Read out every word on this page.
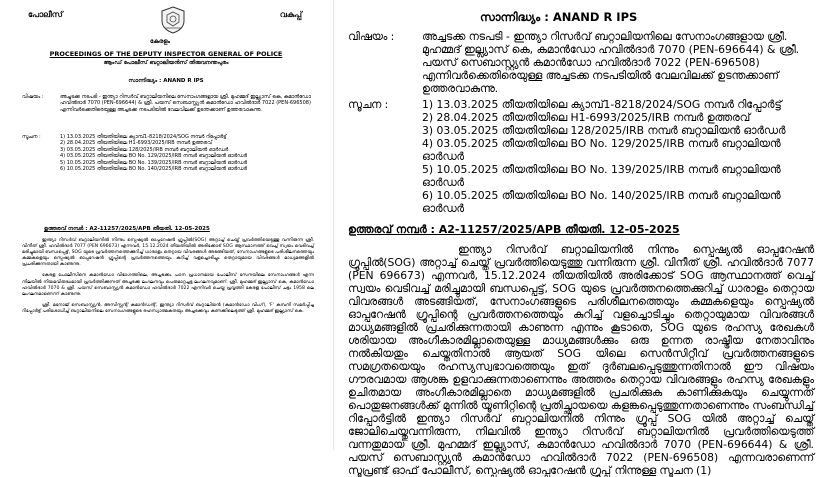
പോലീസ്	വകുപ്പ്
കേരളം
PROCEEDINGS OF THE DEPUTY INSPECTOR GENERAL OF POLICE
ആംഡ് പോലീസ് ബറ്റാലിയൻസ് തിരുവനന്തപുരം
സാന്നിദ്ധ്യം : ANAND R IPS
വിഷയം :	അച്ചടക്ക നടപടി - ഇന്ത്യാ റിസർവ് ബറ്റാലിയനിലെ സേനാംഗങ്ങളായ ശ്രീ. മുഹമ്മദ് ഇല്ല്യാസ് കെ, കമാൻഡോ ഹവിൽദാർ 7070 (PEN-696644) & ശ്രീ. പയസ് സെബാസ്റ്റ്യൻ കമാൻഡോ ഹവിൽദാർ 7022 (PEN-696508) എന്നിവർക്കെതിരെയുള്ള അച്ചടക്ക നടപടിയിൽ വേലവിലക്ക് ഉടന്തക്കാണ് ഉത്തരവാകുന്നു.
സൂചന :	1) 13.03.2025 തീയതിയിലെ ക്യാമ്പ്1-8218/2024/SOG നമ്പർ റിപ്പോർട്ട്
2) 28.04.2025 തീയതിയിലെ H1-6993/2025/IRB നമ്പർ ഉത്തരവ്
3) 03.05.2025 തീയതിയിലെ 128/2025/IRB നമ്പർ ബറ്റാലിയൻ ഓർഡർ
4) 03.05.2025 തീയതിയിലെ BO No. 129/2025/IRB നമ്പർ ബറ്റാലിയൻ ഓർഡർ
5) 10.05.2025 തീയതിയിലെ BO No. 139/2025/IRB നമ്പർ ബറ്റാലിയൻ ഓർഡർ
6) 10.05.2025 തീയതിയിലെ BO No. 140/2025/IRB നമ്പർ ബറ്റാലിയൻ ഓർഡർ
ഉത്തരവ് നമ്പർ : A2-11257/2025/APB തീയതി. 12-05-2025

ഇന്ത്യാ റിസർവ് ബറ്റാലിയനിൽ നിന്നും സ്പെഷ്യൽ ഓപ്പറേഷൻ ഗ്രൂപ്പിൽ(SOG) അറ്റാച്ച് ചെയ്ത് പ്രവർത്തിയെടുത്തു വന്നിരുന്ന ശ്രീ. വിനീത് ശ്രീ. ഹവിൽദാർ 7077 (PEN 696673) എന്നവർ, 15.12.2024 തീയതിയിൽ അരിക്കോട് SOG ആസ്ഥാനത്ത് വെച്ച് സ്വയം വെടിവച്ച് മരിച്ചുമായി ബന്ധപ്പെട്ട്, SOG യുടെ പ്രവർത്തനത്തെക്കുറിച്ച് ധാരാളം തെറ്റായ വിവരങ്ങൾ അടങ്ങിയത്, സേനാംഗങ്ങളുടെ പരിശീലനത്തെയും കമ്മകളെയും സ്പെഷ്യൽ ഓപ്പറേഷൻ ഗ്രൂപ്പിന്റെ പ്രവർത്തനത്തെയും കുറിച്ച് വളച്ചൊടിച്ചും തെറ്റായുമായ വിവരങ്ങൾ മാധ്യമങ്ങളിൽ പ്രചരിക്കുന്നതായി കാണുന്നു.

കേരള പോലീസിനെ കമാൻഡോ വിഭാഗത്തിലെ, അച്ചടക്കം പഠന പ്രധാനമായ പോലീസ് സേനയിലെ സേനാംഗങ്ങൾ എന്ന നിലയിൽ നിയമവിരുദ്ധമായി പ്രവർത്തിക്കുന്നത് അച്ചടക്ക ലംഘനവും പെരുമാറ്റച്ചട്ട ലംഘനവുമാണ്. ശ്രീ. മുഹമ്മദ് ഇല്ല്യാസ് കെ, കമാൻഡോ ഹവിൽദാർ 7070 & ശ്രീ. പയസ് സെബാസ്റ്റ്യൻ കമാൻഡോ ഹവിൽദാർ 7022 എന്നിവർ ചെയ്ത പ്രവൃത്തി കേരള പോലീസ് ചട്ടം 1958 ലെ ലംഘനമാണെന്ന് കാണുന്നു.

ശ്രീ. മനോജ് സെബാസ്റ്റ്യൻ, അസിസ്റ്റന്റ് കമാൻഡന്റ്, ഇന്ത്യാ റിസർവ് ബറ്റാലിയൻ (കമാൻഡോ വിംഗ്), 'F' കമ്പനി സമർപ്പിച്ച റിപ്പോർട്ട് പരിശോധിച്ച് ബറ്റാലിയനിലെ സേനാംഗങ്ങളുടെ രഹസ്യാത്മകതയും അച്ചടക്കവും കണക്കിലെടുത്ത് ശ്രീ. മുഹമ്മദ് ഇല്ല്യാസ് കെ.

സാന്നിദ്ധ്യം : ANAND R IPS
വിഷയം :	അച്ചടക്ക നടപടി - ഇന്ത്യാ റിസർവ് ബറ്റാലിയനിലെ സേനാംഗങ്ങളായ ശ്രീ. മുഹമ്മദ് ഇല്ല്യാസ് കെ, കമാൻഡോ ഹവിൽദാർ 7070 (PEN-696644) & ശ്രീ. പയസ് സെബാസ്റ്റ്യൻ കമാൻഡോ ഹവിൽദാർ 7022 (PEN-696508) എന്നിവർക്കെതിരെയുള്ള അച്ചടക്ക നടപടിയിൽ വേലവിലക്ക് ഉടന്തക്കാണ് ഉത്തരവാകുന്നു.
സൂചന :	1) 13.03.2025 തീയതിയിലെ ക്യാമ്പ്1-8218/2024/SOG നമ്പർ റിപ്പോർട്ട്
2) 28.04.2025 തീയതിയിലെ H1-6993/2025/IRB നമ്പർ ഉത്തരവ്
3) 03.05.2025 തീയതിയിലെ 128/2025/IRB നമ്പർ ബറ്റാലിയൻ ഓർഡർ
4) 03.05.2025 തീയതിയിലെ BO No. 129/2025/IRB നമ്പർ ബറ്റാലിയൻ ഓർഡർ
5) 10.05.2025 തീയതിയിലെ BO No. 139/2025/IRB നമ്പർ ബറ്റാലിയൻ ഓർഡർ
6) 10.05.2025 തീയതിയിലെ BO No. 140/2025/IRB നമ്പർ ബറ്റാലിയൻ ഓർഡർ
ഉത്തരവ് നമ്പർ : A2-11257/2025/APB തീയതി. 12-05-2025

ഇന്ത്യാ റിസർവ് ബറ്റാലിയനിൽ നിന്നും സ്പെഷ്യൽ ഓപ്പറേഷൻ ഗ്രൂപ്പിൽ(SOG) അറ്റാച്ച് ചെയ്ത് പ്രവർത്തിയെടുത്തു വന്നിരുന്ന ശ്രീ. വിനീത് ശ്രീ. ഹവിൽദാർ 7077 (PEN 696673) എന്നവർ, 15.12.2024 തീയതിയിൽ അരിക്കോട് SOG ആസ്ഥാനത്ത് വെച്ച് സ്വയം വെടിവച്ച് മരിച്ചുമായി ബന്ധപ്പെട്ട്, SOG യുടെ പ്രവർത്തനത്തെക്കുറിച്ച് ധാരാളം തെറ്റായ വിവരങ്ങൾ അടങ്ങിയത്, സേനാംഗങ്ങളുടെ പരിശീലനത്തെയും കമ്മകളെയും സ്പെഷ്യൽ ഓപ്പറേഷൻ ഗ്രൂപ്പിന്റെ പ്രവർത്തനത്തെയും കുറിച്ച് വളച്ചൊടിച്ചും തെറ്റായുമായ വിവരങ്ങൾ മാധ്യമങ്ങളിൽ പ്രചരിക്കുന്നതായി കാണുന്ന എന്നും കൂടാതെ, SOG യുടെ രഹസ്യ രേഖകൾ ശരിയായ അംഗീകാരമില്ലാതെയുള്ള മാധ്യമങ്ങൾക്കും ഒരു ഉന്നത രാഷ്ട്രീയ നേതാവിനും നൽകിയതും ചെയ്തതിനാൽ ആയത് SOG യിലെ സെൻസിറ്റീവ് പ്രവർത്തനങ്ങളുടെ സമഗ്രതയെയും രഹസ്യസ്വഭാവത്തെയും ഇത് ദുർബലപ്പെടുത്തുന്നതിനാൽ ഈ വിഷയം ഗൗരവമായ ആശങ്ക ഉളവാക്കുന്നതാണെന്നും അത്തരം തെറ്റായ വിവരങ്ങളും രഹസ്യ രേഖകളും ഉചിതമായ അംഗീകാരമില്ലാതെ മാധ്യമങ്ങളിൽ പ്രചരിക്കുക കാണിക്കുകയും ചെയ്യുന്നത് പൊതുജനങ്ങൾക്ക് മുന്നിൽ യൂണിറ്റിന്റെ പ്രതിച്ഛായയെ കളങ്കപ്പെടുത്തുന്നതാണെന്നും സംബന്ധിച്ച് റിപ്പോർട്ടിൽ ഇന്ത്യാ റിസർവ് ബറ്റാലിയനിൽ നിന്നും ഗ്രൂപ്പ് SOG യിൽ അറ്റാച്ച് ചെയ്ത് ജോലിചെയ്തുവന്നിരുന്ന, നിലവിൽ ഇന്ത്യാ റിസർവ് ബറ്റാലിയനിൽ പ്രവർത്തിയെടുത്ത് വന്നതുമായ ശ്രീ. മുഹമ്മദ് ഇല്ല്യാസ്, കമാൻഡോ ഹവിൽദാർ 7070 (PEN-696644) & ശ്രീ. പയസ് സെബാസ്റ്റ്യൻ കമാൻഡോ ഹവിൽദാർ 7022 (PEN-696508) എന്നവരാണെന്ന് സൂപ്രണ്ട് ഓഫ് പോലീസ്, സ്പെഷ്യൽ ഓപ്പറേഷൻ ഗ്രൂപ്പ് നിന്നുള്ള സൂചന (1)
